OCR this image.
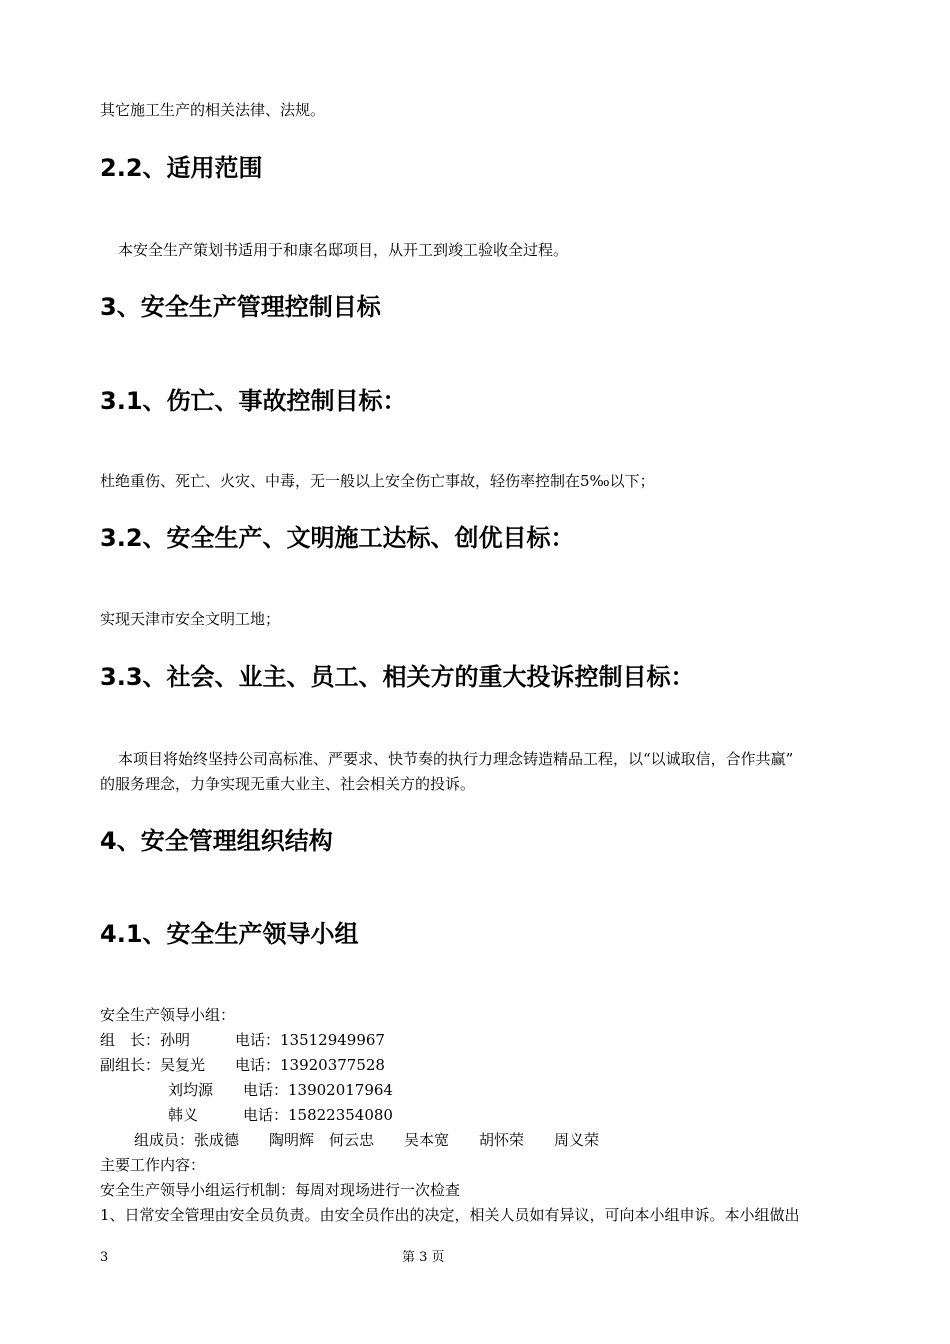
其它施工生产的相关法律、法规。
2.2、适用范围
本安全生产策划书适用于和康名邸项目，从开工到竣工验收全过程。
3、安全生产管理控制目标
3.1、伤亡、事故控制目标：
杜绝重伤、死亡、火灾、中毒，无一般以上安全伤亡事故，轻伤率控制在5‰以下；
3.2、安全生产、文明施工达标、创优目标：
实现天津市安全文明工地；
3.3、社会、业主、员工、相关方的重大投诉控制目标：
本项目将始终坚持公司高标准、严要求、快节奏的执行力理念铸造精品工程，以“以诚取信，合作共赢”
的服务理念，力争实现无重大业主、社会相关方的投诉。
4、安全管理组织结构
4.1、安全生产领导小组
安全生产领导小组：
组　长：孙明　　　电话：13512949967
副组长：吴复光　　电话：13920377528
刘均源　　电话：13902017964
韩义　　　电话：15822354080
组成员：张成德　　陶明辉　何云忠　　吴本宽　　胡怀荣　　周义荣
主要工作内容：
安全生产领导小组运行机制：每周对现场进行一次检查
1、日常安全管理由安全员负责。由安全员作出的决定，相关人员如有异议，可向本小组申诉。本小组做出
3	第 3 页
